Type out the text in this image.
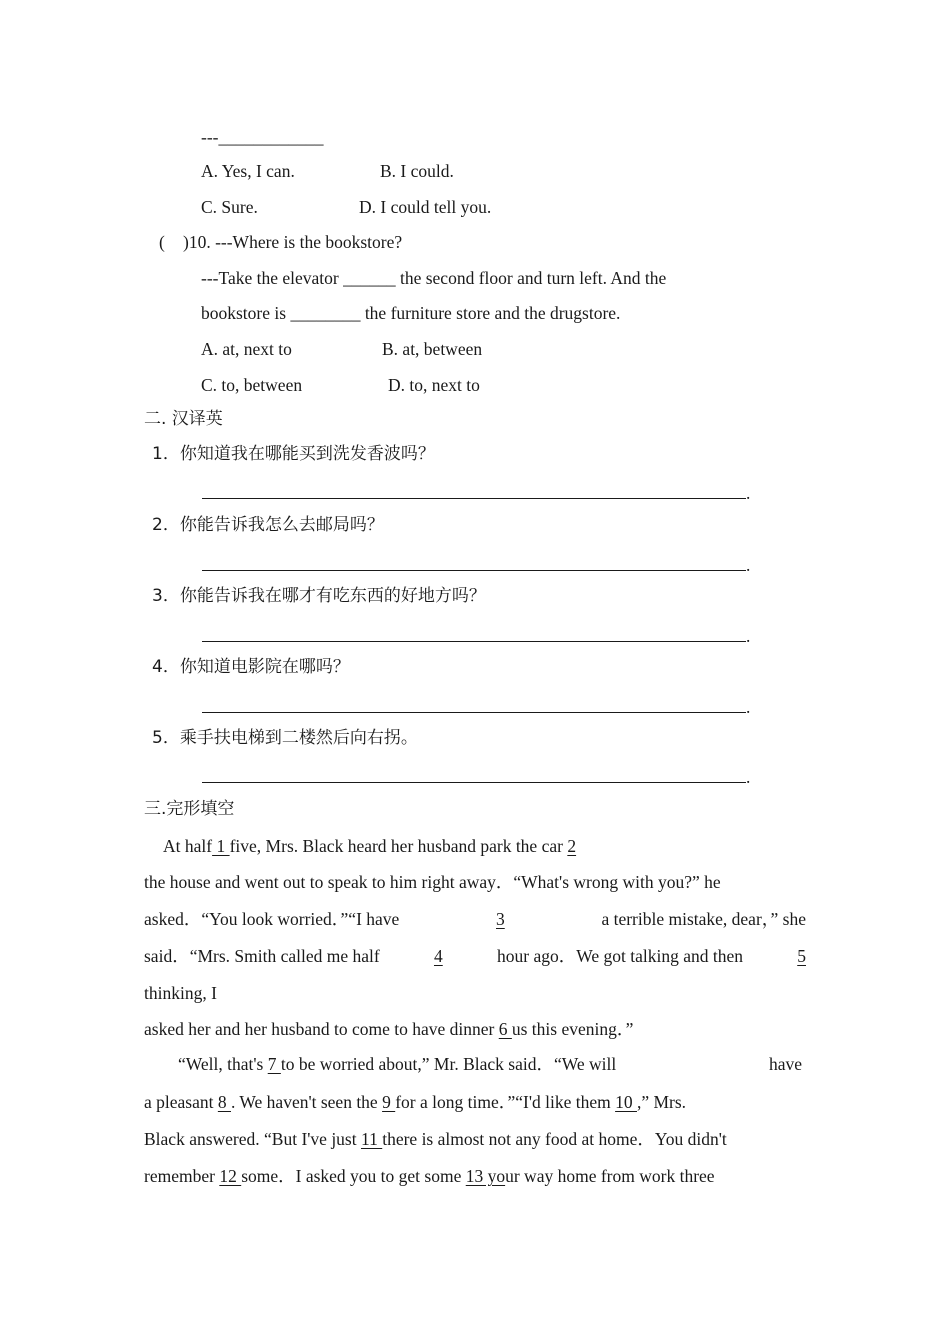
---____________
A. Yes, I can.	B. I could.
C. Sure.	D. I could tell you.
( )10. ---Where is the bookstore?
---Take the elevator ______ the second floor and turn left. And the
bookstore is ________ the furniture store and the drugstore.
A. at, next to	B. at, between
C. to, between	D. to, next to
二. 汉译英
1．你知道我在哪能买到洗发香波吗？
.
2．你能告诉我怎么去邮局吗？
.
3．你能告诉我在哪才有吃东西的好地方吗？
.
4．你知道电影院在哪吗？
.
5．乘手扶电梯到二楼然后向右拐。
.
三.完形填空
At half 1 five, Mrs. Black heard her husband park the car 2
the house and went out to speak to him right away．“What's wrong with you?” he
asked．“You look worried．”“I have	3	a terrible mistake, dear，” she
said．“Mrs. Smith called me half	4	hour ago．We got talking and then	5
thinking, I
asked her and her husband to come to have dinner 6 us this evening．”
“Well, that's 7 to be worried about,” Mr. Black said．“We will	have
a pleasant 8 . We haven't seen the 9 for a long time．”“I'd like them 10 ,” Mrs.
Black answered. “But I've just 11 there is almost not any food at home．You didn't
remember 12 some．I asked you to get some 13 your way home from work three
